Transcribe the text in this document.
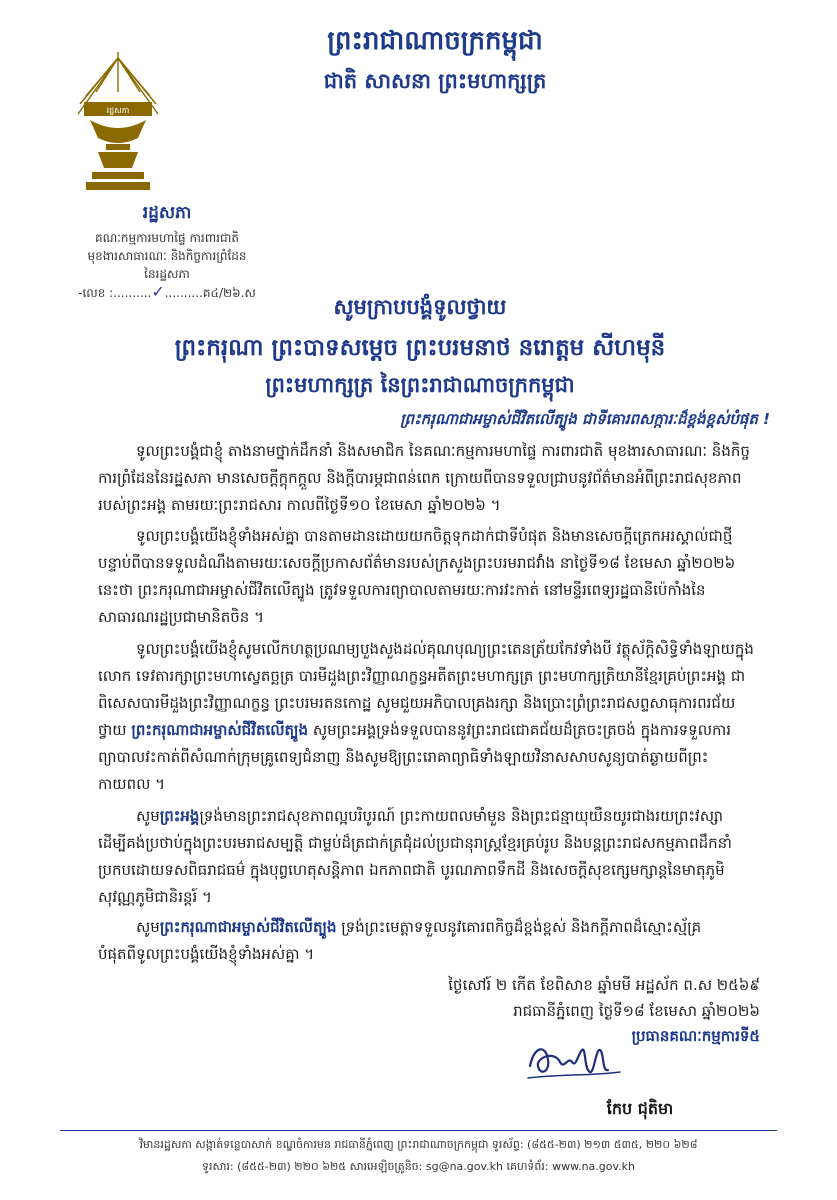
ព្រះរាជាណាចក្រកម្ពុជា
ជាតិ សាសនា ព្រះមហាក្សត្រ
រដ្ឋសភា
រដ្ឋសភា
គណៈកម្មការមហាផ្ទៃ ការពារជាតិ
មុខងារសាធារណៈ និងកិច្ចការព្រំដែន
នៃរដ្ឋសភា
-លេខ :..........✓..........គ៤/២៦.ស
សូមក្រាបបង្គំទូលថ្វាយ
ព្រះករុណា ព្រះបាទសម្តេច ព្រះបរមនាថ នរោត្តម សីហមុនី
ព្រះមហាក្សត្រ នៃព្រះរាជាណាចក្រកម្ពុជា
ព្រះករុណាជាអម្ចាស់ជីវិតលើត្បូង ជាទីគោរពសក្ការៈដ៏ខ្ពង់ខ្ពស់បំផុត !
ទូលព្រះបង្គំជាខ្ញុំ តាងនាមថ្នាក់ដឹកនាំ និងសមាជិក នៃគណៈកម្មការមហាផ្ទៃ ការពារជាតិ មុខងារសាធារណៈ និងកិច្ចការព្រំដែននៃរដ្ឋសភា មានសេចក្តីក្តុកក្តួល និងក្តីបារម្ភជាពន់ពេក ក្រោយពីបានទទួលជ្រាបនូវព័ត៌មានអំពីព្រះរាជសុខភាពរបស់ព្រះអង្គ តាមរយៈព្រះរាជសារ កាលពីថ្ងៃទី១០ ខែមេសា ឆ្នាំ២០២៦ ។
ទូលព្រះបង្គំយើងខ្ញុំទាំងអស់គ្នា បានតាមដានដោយយកចិត្តទុកដាក់ជាទីបំផុត និងមានសេចក្តីត្រេកអរស្គាល់ជាថ្មី បន្ទាប់ពីបានទទួលដំណឹងតាមរយៈសេចក្តីប្រកាសព័ត៌មានរបស់ក្រសួងព្រះបរមរាជវាំង នាថ្ងៃទី១៨ ខែមេសា ឆ្នាំ២០២៦ នេះថា ព្រះករុណាជាអម្ចាស់ជីវិតលើត្បូង ត្រូវទទួលការព្យាបាលតាមរយៈការវះកាត់ នៅមន្ទីរពេទ្យរដ្ឋធានីប៉េកាំងនៃសាធារណរដ្ឋប្រជាមានិតចិន ។
ទូលព្រះបង្គំយើងខ្ញុំសូមលើកហត្ថប្រណម្យបួងសួងដល់គុណបុណ្យព្រះតេនត្រ័យកែវទាំងបី វត្ថុស័ក្តិសិទ្ធិទាំងឡាយក្នុងលោក ទេវតារក្សាព្រះមហាស្វេតច្ឆត្រ បារមីដួងព្រះវិញ្ញាណក្ខន្ធអតីតព្រះមហាក្សត្រ ព្រះមហាក្សត្រិយានីខ្មែរគ្រប់ព្រះអង្គ ជាពិសេសបារមីដួងព្រះវិញ្ញាណក្ខន្ធ ព្រះបរមរតនកោដ្ឋ សូមជួយអភិបាលគ្រងរក្សា និងប្រោះព្រំព្រះរាជសព្ទសាធុការពរជ័យថ្វាយ ព្រះករុណាជាអម្ចាស់ជីវិតលើត្បូង សូមព្រះអង្គទ្រង់ទទួលបាននូវព្រះរាជជោគជ័យដ៏ត្រចះត្រចង់ ក្នុងការទទួលការព្យាបាលវះកាត់ពីសំណាក់ក្រុមគ្រូពេទ្យជំនាញ និងសូមឱ្យព្រះរោគាព្យាធិទាំងឡាយវិនាសសាបសូន្យបាត់ឆ្ងាយពីព្រះកាយពល ។
សូមព្រះអង្គទ្រង់មានព្រះរាជសុខភាពល្អបរិបូរណ៍ ព្រះកាយពលមាំមួន និងព្រះជន្មាយុយឺនយូរជាងរយព្រះវស្សា ដើម្បីគង់ប្រថាប់ក្នុងព្រះបរមរាជសម្បត្តិ ជាម្លប់ដ៏ត្រជាក់ត្រជុំដល់ប្រជានុរាស្ត្រខ្មែរគ្រប់រូប និងបន្តព្រះរាជសកម្មភាពដឹកនាំប្រកបដោយទសពិធរាជធម៌ ក្នុងបុព្វហេតុសន្តិភាព ឯកភាពជាតិ បូរណភាពទឹកដី និងសេចក្តីសុខក្សេមក្សាន្តនៃមាតុភូមិសុវណ្ណភូមិជានិរន្តរ៍ ។
សូមព្រះករុណាជាអម្ចាស់ជីវិតលើត្បូង ទ្រង់ព្រះមេត្តាទទួលនូវគោរពកិច្ចដ៏ខ្ពង់ខ្ពស់ និងកក្តីភាពដ៏ស្មោះស្ម័គ្របំផុតពីទូលព្រះបង្គំយើងខ្ញុំទាំងអស់គ្នា ។
ថ្ងៃសៅរ៍ ២ កើត ខែពិសាខ ឆ្នាំមមី អដ្ឋស័ក ព.ស ២៥៦៩
រាជធានីភ្នំពេញ ថ្ងៃទី១៨ ខែមេសា ឆ្នាំ២០២៦
ប្រធានគណៈកម្មការទី៥
កែប ជុតិមា
វិមានរដ្ឋសភា សង្កាត់ទន្លេបាសាក់ ខណ្ឌចំការមន រាជធានីភ្នំពេញ ព្រះរាជាណាចក្រកម្ពុជា ទូរស័ព្ទ: (៨៥៥-២៣) ២១៣ ៥៣៥, ២២០ ៦២៨
ទូរសារ: (៨៥៥-២៣) ២២០ ៦២៥ សារអេឡិចត្រូនិច: sg@na.gov.kh គេហទំព័រ: www.na.gov.kh
